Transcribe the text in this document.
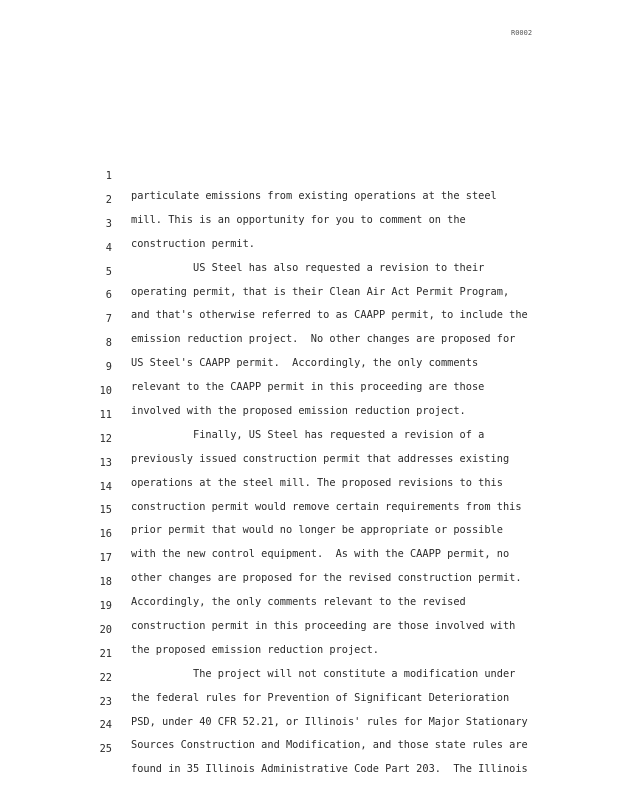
R0002

1

particulate emissions from existing operations at the steel

2

mill. This is an opportunity for you to comment on the

3

construction permit.

4

US Steel has also requested a revision to their

5

operating permit, that is their Clean Air Act Permit Program,

6

and that's otherwise referred to as CAAPP permit, to include the

7

emission reduction project.  No other changes are proposed for

8

US Steel's CAAPP permit.  Accordingly, the only comments

9

relevant to the CAAPP permit in this proceeding are those

10

involved with the proposed emission reduction project.

11

Finally, US Steel has requested a revision of a

12

previously issued construction permit that addresses existing

13

operations at the steel mill. The proposed revisions to this

14

construction permit would remove certain requirements from this

15

prior permit that would no longer be appropriate or possible

16

with the new control equipment.  As with the CAAPP permit, no

17

other changes are proposed for the revised construction permit.

18

Accordingly, the only comments relevant to the revised

19

construction permit in this proceeding are those involved with

20

the proposed emission reduction project.

21

The project will not constitute a modification under

22

the federal rules for Prevention of Significant Deterioration

23

PSD, under 40 CFR 52.21, or Illinois' rules for Major Stationary

24

Sources Construction and Modification, and those state rules are

25

found in 35 Illinois Administrative Code Part 203.  The Illinois
